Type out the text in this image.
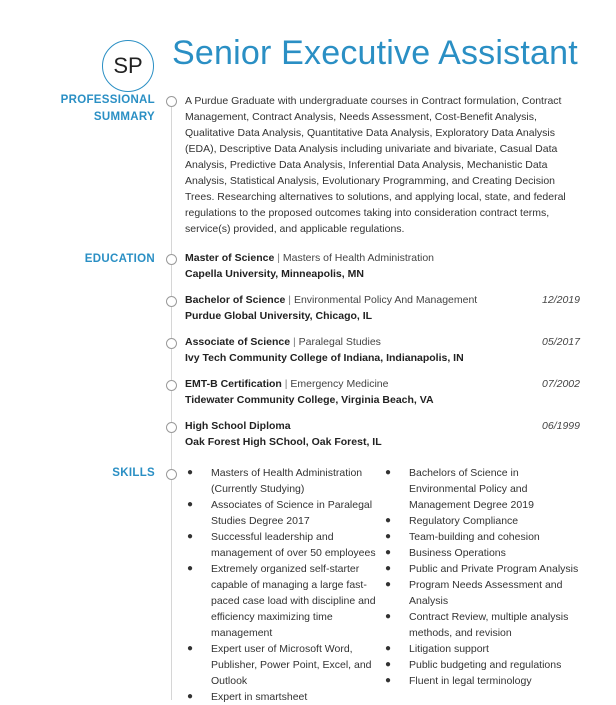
SP Senior Executive Assistant
PROFESSIONAL SUMMARY
A Purdue Graduate with undergraduate courses in Contract formulation, Contract Management, Contract Analysis, Needs Assessment, Cost-Benefit Analysis, Qualitative Data Analysis, Quantitative Data Analysis, Exploratory Data Analysis (EDA), Descriptive Data Analysis including univariate and bivariate, Casual Data Analysis, Predictive Data Analysis, Inferential Data Analysis, Mechanistic Data Analysis, Statistical Analysis, Evolutionary Programming, and Creating Decision Trees. Researching alternatives to solutions, and applying local, state, and federal regulations to the proposed outcomes taking into consideration contract terms, service(s) provided, and applicable regulations.
EDUCATION	Master of Science | Masters of Health Administration
Capella University, Minneapolis, MN
Bachelor of Science | Environmental Policy And Management
Purdue Global University, Chicago, IL
12/2019
Associate of Science | Paralegal Studies
Ivy Tech Community College of Indiana, Indianapolis, IN
05/2017
EMT-B Certification | Emergency Medicine
Tidewater Community College, Virginia Beach, VA
07/2002
High School Diploma
Oak Forest High SChool, Oak Forest, IL
06/1999
SKILLS	● Masters of Health Administration (Currently Studying)
● Associates of Science in Paralegal Studies Degree 2017
● Successful leadership and management of over 50 employees
● Extremely organized self-starter capable of managing a large fast-paced case load with discipline and efficiency maximizing time management
● Expert user of Microsoft Word, Publisher, Power Point, Excel, and Outlook
● Expert in smartsheet
● Bachelors of Science in Environmental Policy and Management Degree 2019
● Regulatory Compliance
● Team-building and cohesion
● Business Operations
● Public and Private Program Analysis
● Program Needs Assessment and Analysis
● Contract Review, multiple analysis methods, and revision
● Litigation support
● Public budgeting and regulations
● Fluent in legal terminology
